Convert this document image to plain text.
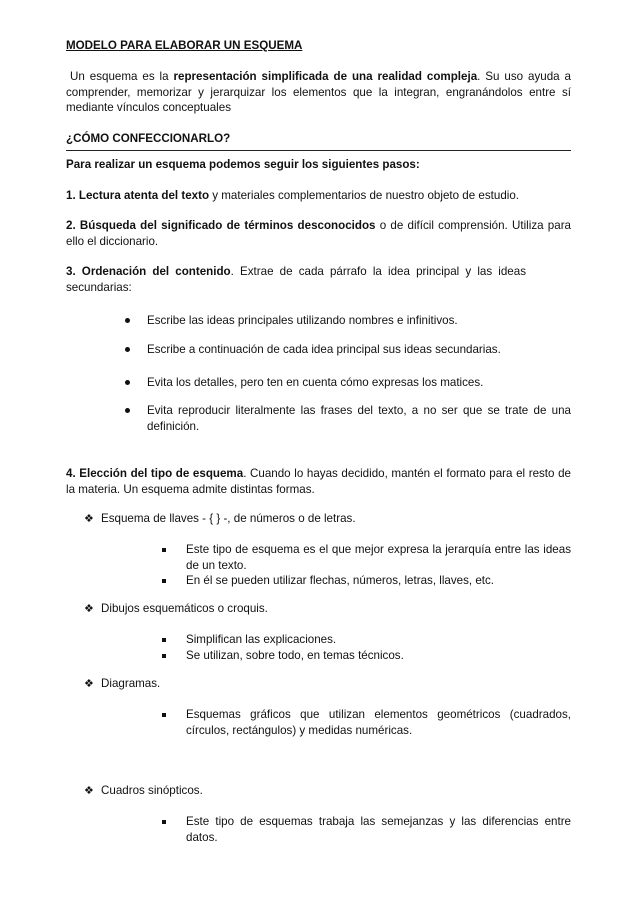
MODELO PARA ELABORAR UN ESQUEMA
Un esquema es la representación simplificada de una realidad compleja. Su uso ayuda a comprender, memorizar y jerarquizar los elementos que la integran, engranándolos entre sí mediante vínculos conceptuales
¿CÓMO CONFECCIONARLO?
Para realizar un esquema podemos seguir los siguientes pasos:
1. Lectura atenta del texto y materiales complementarios de nuestro objeto de estudio.
2. Búsqueda del significado de términos desconocidos o de difícil comprensión. Utiliza para ello el diccionario.
3. Ordenación del contenido. Extrae de cada párrafo la idea principal y las ideas secundarias:
Escribe las ideas principales utilizando nombres e infinitivos.
Escribe a continuación de cada idea principal sus ideas secundarias.
Evita los detalles, pero ten en cuenta cómo expresas los matices.
Evita reproducir literalmente las frases del texto, a no ser que se trate de una definición.
4. Elección del tipo de esquema. Cuando lo hayas decidido, mantén el formato para el resto de la materia. Un esquema admite distintas formas.
❖ Esquema de llaves - { } -, de números o de letras.
Este tipo de esquema es el que mejor expresa la jerarquía entre las ideas de un texto.
En él se pueden utilizar flechas, números, letras, llaves, etc.
❖ Dibujos esquemáticos o croquis.
Simplifican las explicaciones.
Se utilizan, sobre todo, en temas técnicos.
❖ Diagramas.
Esquemas gráficos que utilizan elementos geométricos (cuadrados, círculos, rectángulos) y medidas numéricas.
❖ Cuadros sinópticos.
Este tipo de esquemas trabaja las semejanzas y las diferencias entre datos.
